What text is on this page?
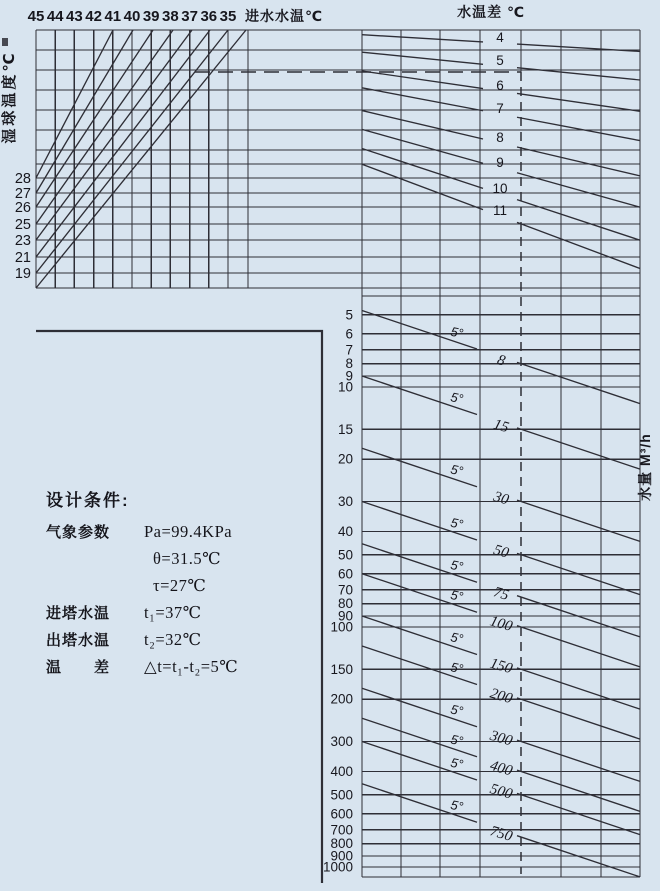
5
6
7
8
9
10
15
20
30
40
50
60
70
80
90
100
150
200
300
400
500
600
700
800
900
1000
4
5
6
7
8
9
10
11
5°
8
5°
15
5°
30
5°
50
5°
75
5°
100
5°
150
5°
200
5°
300
5°
400
5°
500
5°
750
45 44 43 42 41 40 39 38 37 36 35 进水水温℃	水温差 ℃
28
27
26
25
23
21
19
湿球温度℃
水量 M³/h
设计条件:
气象参数	Pa=99.4KPa
θ=31.5℃
τ=27℃
进塔水温	t₁=37℃
出塔水温	t₂=32℃
温　　差	△t=t₁-t₂=5℃
